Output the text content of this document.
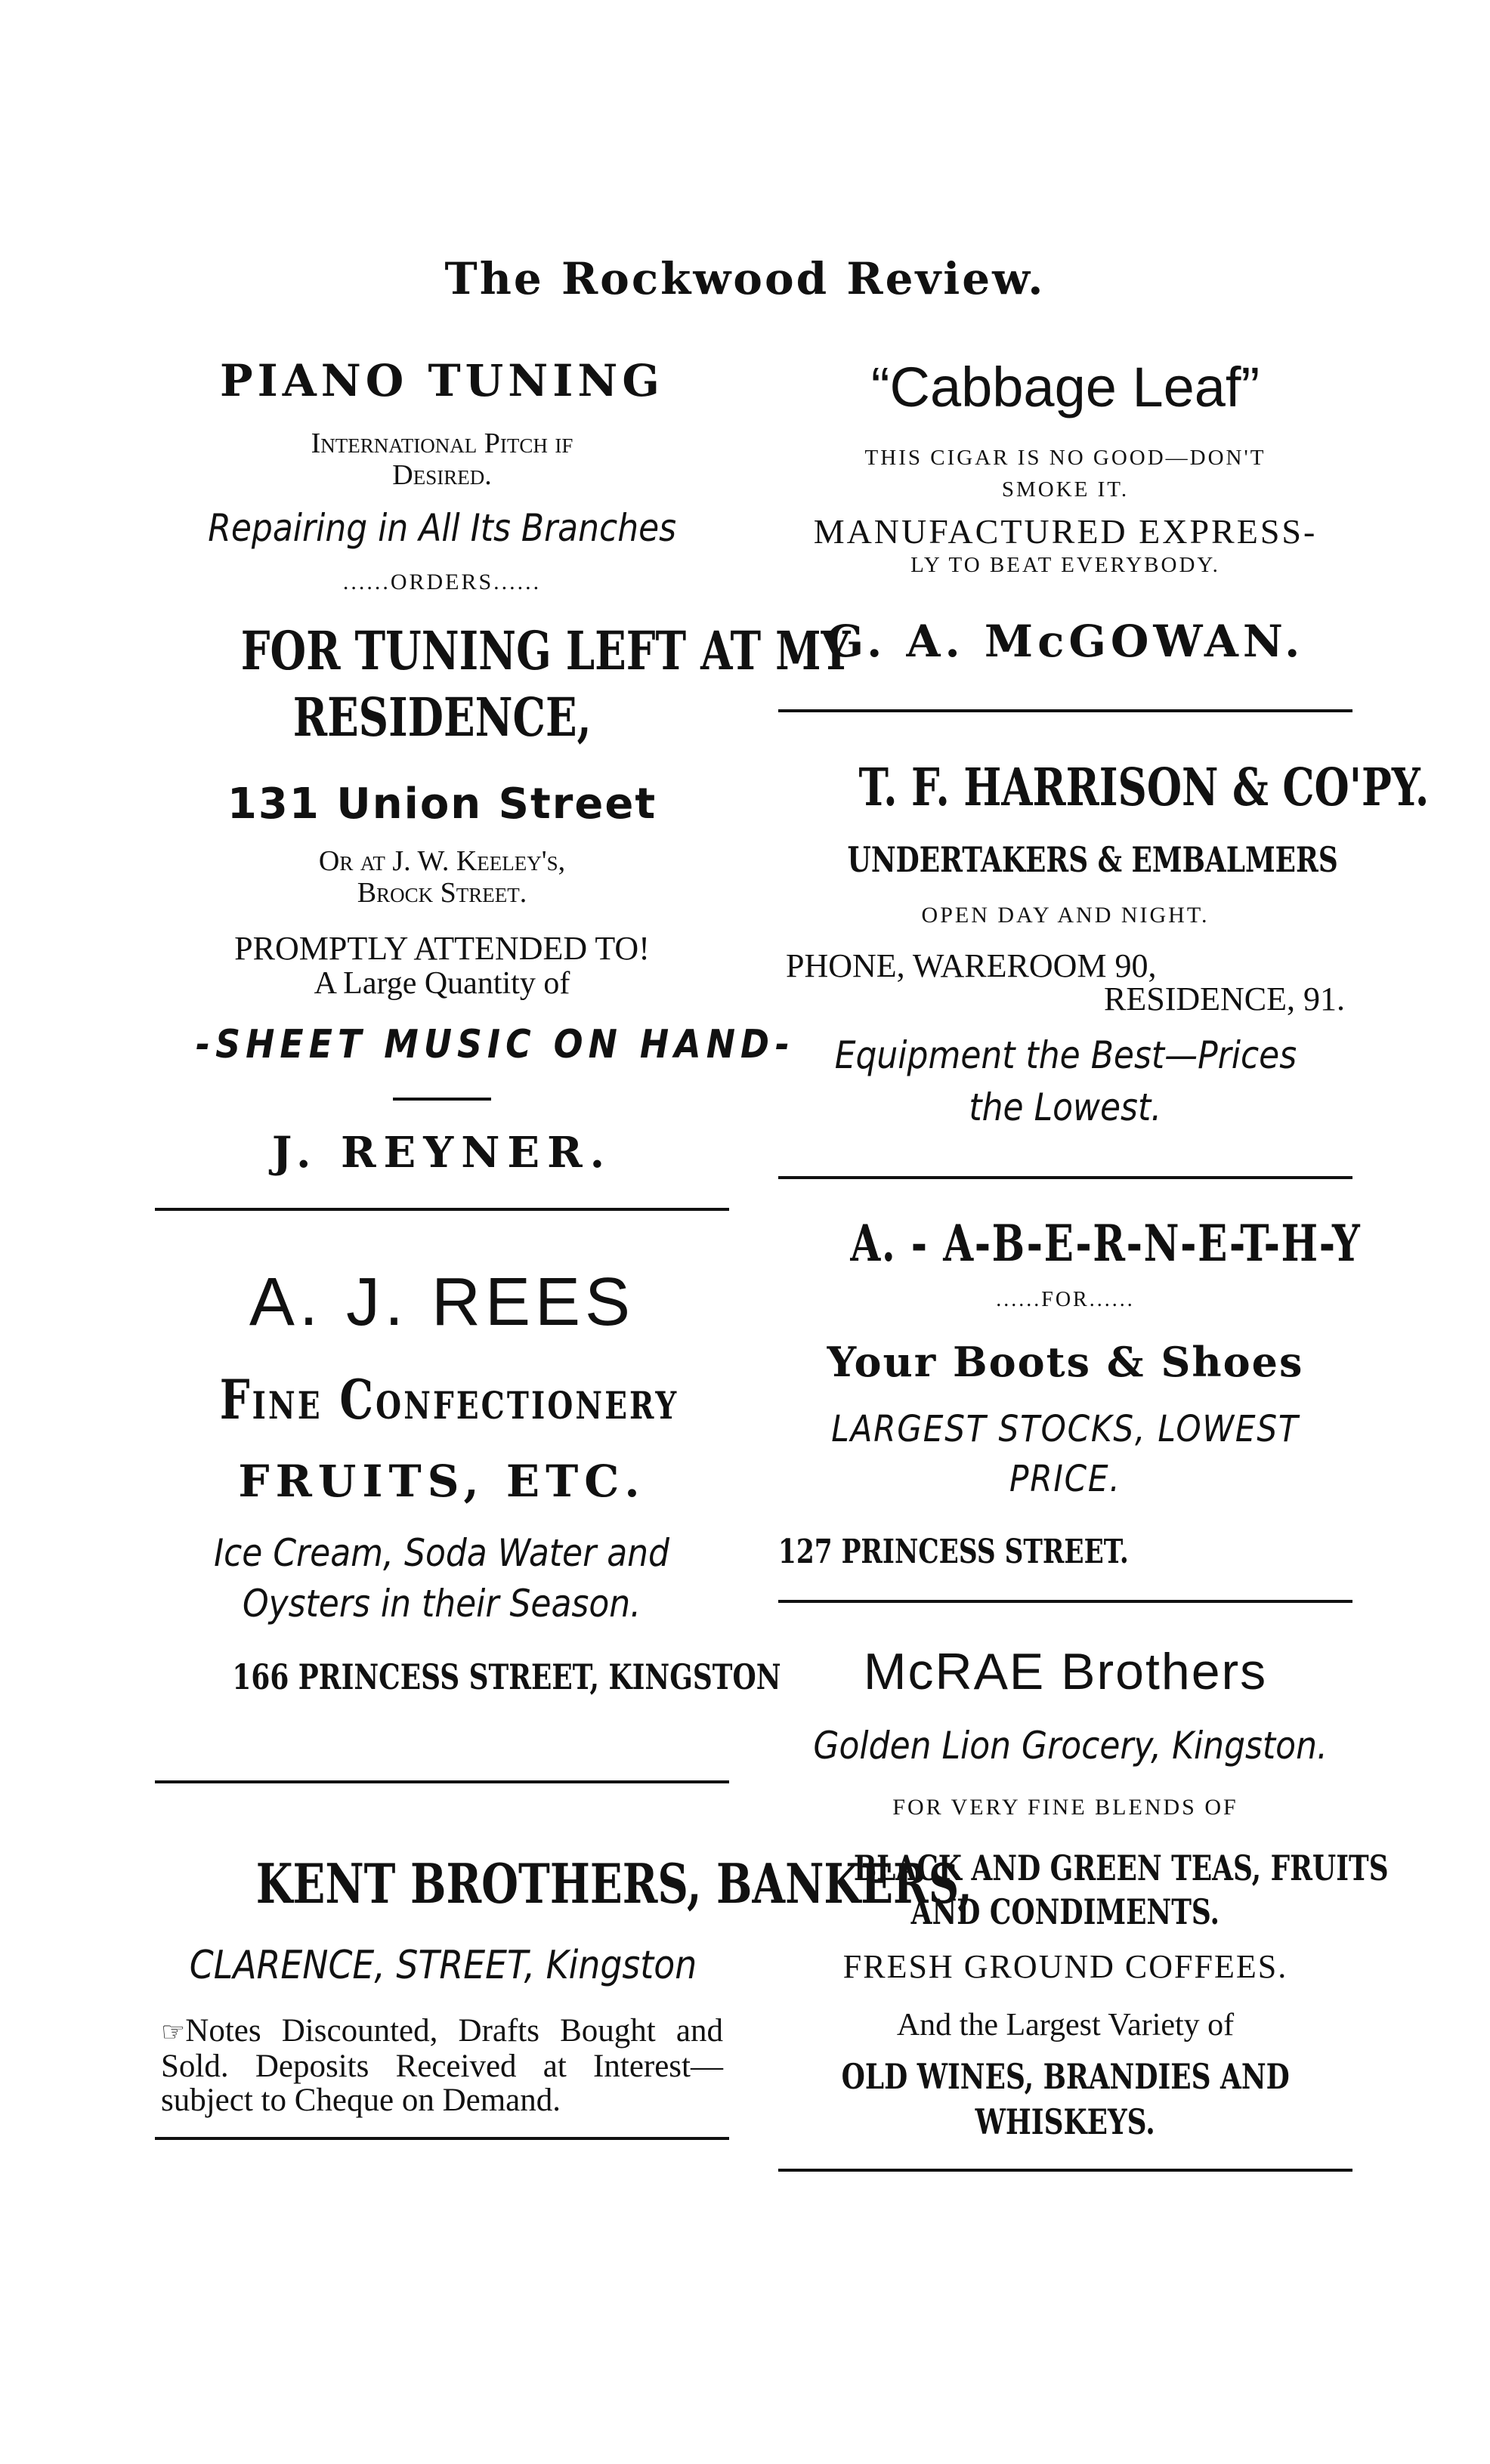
The Rockwood Review.
PIANO TUNING
International Pitch if
Desired.
Repairing in All Its Branches
......ORDERS......
FOR TUNING LEFT AT MY
RESIDENCE,
131 Union Street
Or at J. W. Keeley's,
Brock Street.
PROMPTLY ATTENDED TO!
A Large Quantity of
-SHEET MUSIC ON HAND-
J. REYNER.
A. J. REES
Fine Confectionery
FRUITS, ETC.
Ice Cream, Soda Water and
Oysters in their Season.
166 PRINCESS STREET, KINGSTON
KENT BROTHERS, BANKERS,
CLARENCE, STREET, Kingston
☞Notes Discounted, Drafts Bought and Sold. Deposits Received at Interest—subject to Cheque on Demand.
“Cabbage Leaf”
THIS CIGAR IS NO GOOD—DON'T
SMOKE IT.
MANUFACTURED EXPRESS-
LY TO BEAT EVERYBODY.
G. A. McGOWAN.
T. F. HARRISON & CO'PY.
UNDERTAKERS & EMBALMERS
OPEN DAY AND NIGHT.
PHONE, WAREROOM 90,
RESIDENCE, 91.
Equipment the Best—Prices
the Lowest.
A. - A-B-E-R-N-E-T-H-Y
......FOR......
Your Boots & Shoes
LARGEST STOCKS, LOWEST
PRICE.
127 PRINCESS STREET.
McRAE Brothers
Golden Lion Grocery, Kingston.
FOR VERY FINE BLENDS OF
BLACK AND GREEN TEAS, FRUITS
AND CONDIMENTS.
FRESH GROUND COFFEES.
And the Largest Variety of
OLD WINES, BRANDIES AND
WHISKEYS.
